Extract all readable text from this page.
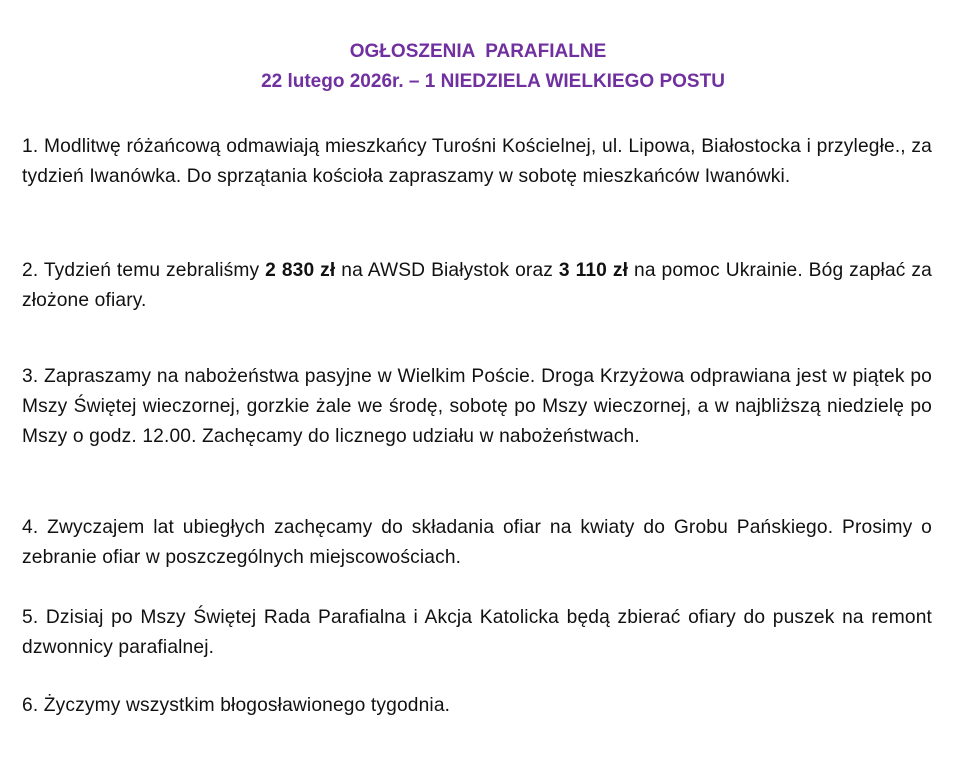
OGŁOSZENIA  PARAFIALNE
22 lutego 2026r. – 1 NIEDZIELA WIELKIEGO POSTU
1. Modlitwę różańcową odmawiają mieszkańcy Turośni Kościelnej, ul. Lipowa, Białostocka i przyległe., za tydzień Iwanówka. Do sprzątania kościoła zapraszamy w sobotę mieszkańców Iwanówki.
2. Tydzień temu zebraliśmy 2 830 zł na AWSD Białystok oraz 3 110 zł na pomoc Ukrainie. Bóg zapłać za złożone ofiary.
3. Zapraszamy na nabożeństwa pasyjne w Wielkim Poście. Droga Krzyżowa odprawiana jest w piątek po Mszy Świętej wieczornej, gorzkie żale we środę, sobotę po Mszy wieczornej, a w najbliższą niedzielę po Mszy o godz. 12.00. Zachęcamy do licznego udziału w nabożeństwach.
4. Zwyczajem lat ubiegłych zachęcamy do składania ofiar na kwiaty do Grobu Pańskiego. Prosimy o zebranie ofiar w poszczególnych miejscowościach.
5. Dzisiaj po Mszy Świętej Rada Parafialna i Akcja Katolicka będą zbierać ofiary do puszek na remont dzwonnicy parafialnej.
6. Życzymy wszystkim błogosławionego tygodnia.
